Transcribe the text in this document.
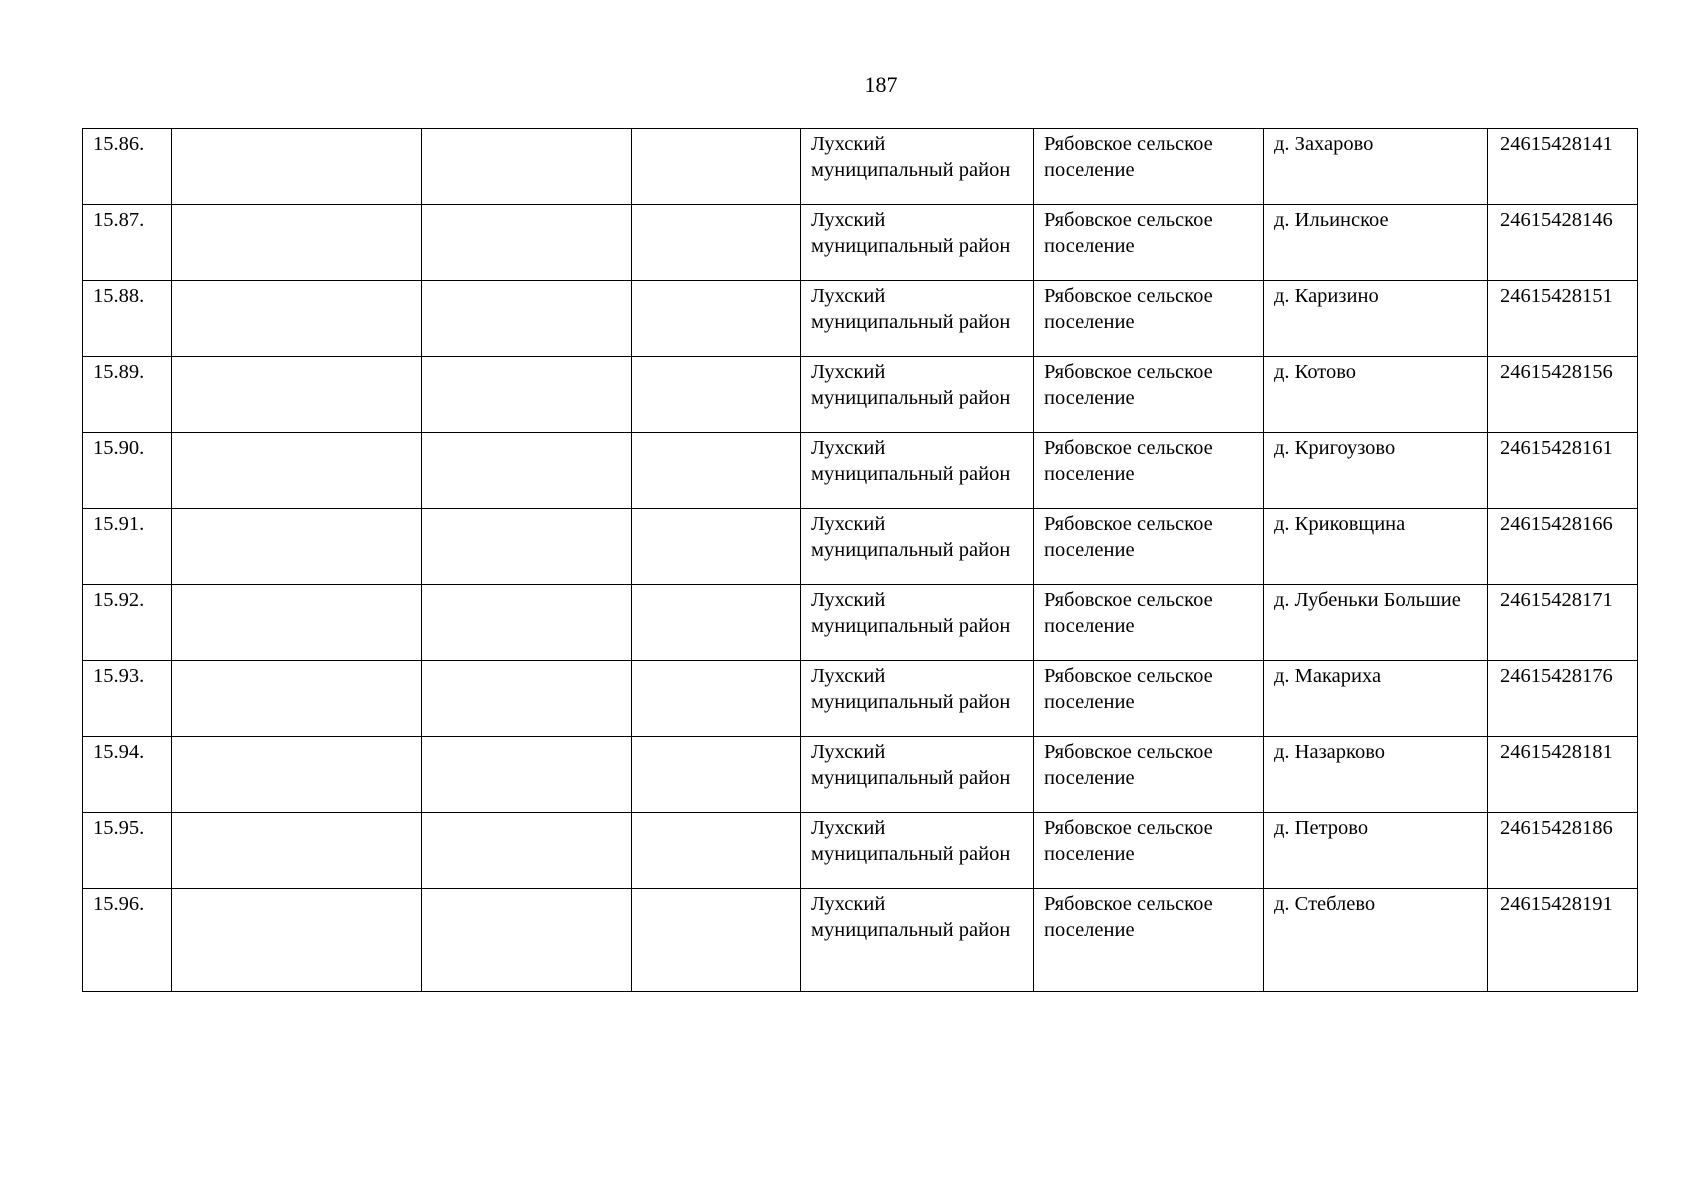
187
15.86.				Лухский муниципальный район	Рябовское сельское поселение	д. Захарово	24615428141
15.87.				Лухский муниципальный район	Рябовское сельское поселение	д. Ильинское	24615428146
15.88.				Лухский муниципальный район	Рябовское сельское поселение	д. Каризино	24615428151
15.89.				Лухский муниципальный район	Рябовское сельское поселение	д. Котово	24615428156
15.90.				Лухский муниципальный район	Рябовское сельское поселение	д. Кригоузово	24615428161
15.91.				Лухский муниципальный район	Рябовское сельское поселение	д. Криковщина	24615428166
15.92.				Лухский муниципальный район	Рябовское сельское поселение	д. Лубеньки Большие	24615428171
15.93.				Лухский муниципальный район	Рябовское сельское поселение	д. Макариха	24615428176
15.94.				Лухский муниципальный район	Рябовское сельское поселение	д. Назарково	24615428181
15.95.				Лухский муниципальный район	Рябовское сельское поселение	д. Петрово	24615428186
15.96.				Лухский муниципальный район	Рябовское сельское поселение	д. Стеблево	24615428191
